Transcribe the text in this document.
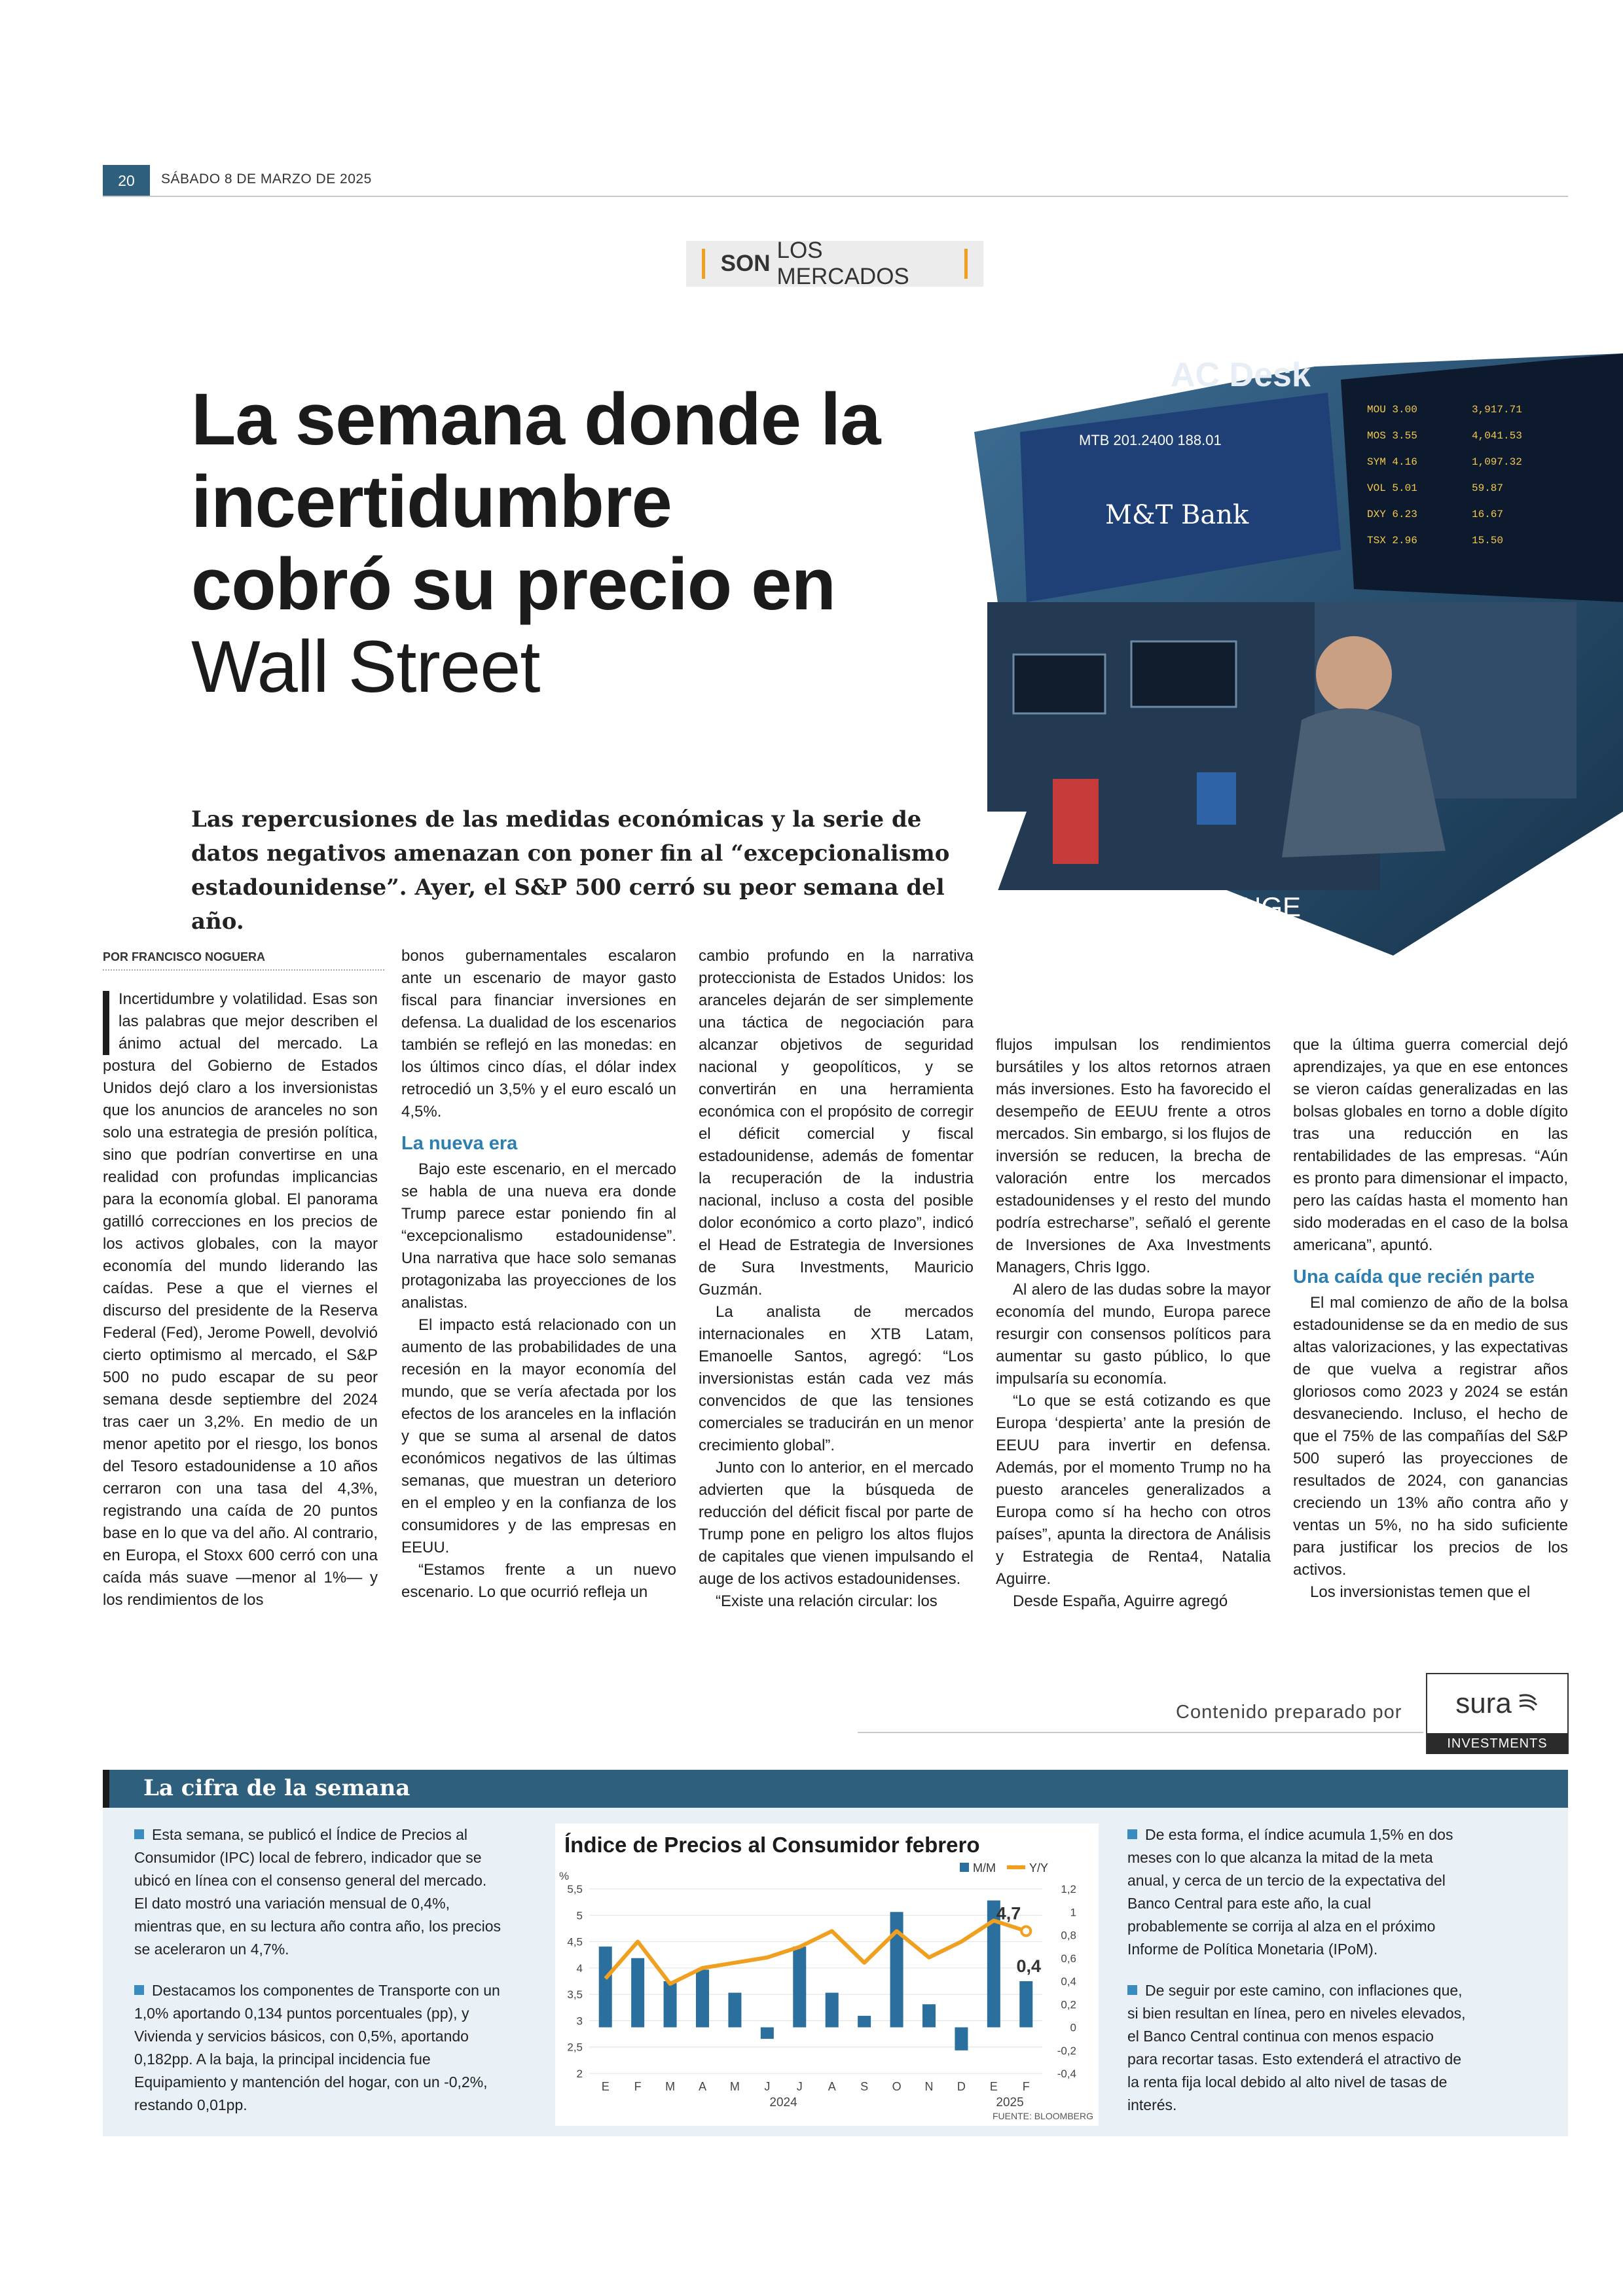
20	SÁBADO 8 DE MARZO DE 2025
SON
LOS MERCADOS
La semana donde la
incertidumbre
cobró su precio en
Wall Street
MOU 3.00	3,917.71
MOS 3.55	4,041.53
SYM 4.16	1,097.32
VOL 5.01	59.87
DXY 6.23	16.67
TSX 2.96	15.50
MTB 201.2400 188.01
M&T Bank
AC Desk
ANGE

Las repercusiones de las medidas económicas y la serie de datos negativos amenazan con poner fin al “excepcionalismo estadounidense”. Ayer, el S&P 500 cerró su peor semana del año.

POR FRANCISCO NOGUERA

Incertidumbre y volatilidad. Esas son las palabras que mejor describen el ánimo actual del mercado. La postura del Gobierno de Estados Unidos dejó claro a los inversionistas que los anuncios de aranceles no son solo una estrategia de presión política, sino que podrían convertirse en una realidad con profundas implicancias para la economía global. El panorama gatilló correcciones en los precios de los activos globales, con la mayor economía del mundo liderando las caídas. Pese a que el viernes el discurso del presidente de la Reserva Federal (Fed), Jerome Powell, devolvió cierto optimismo al mercado, el S&P 500 no pudo escapar de su peor semana desde septiembre del 2024 tras caer un 3,2%. En medio de un menor apetito por el riesgo, los bonos del Tesoro estadounidense a 10 años cerraron con una tasa del 4,3%, registrando una caída de 20 puntos base en lo que va del año. Al contrario, en Europa, el Stoxx 600 cerró con una caída más suave —menor al 1%— y los rendimientos de los

bonos gubernamentales escalaron ante un escenario de mayor gasto fiscal para financiar inversiones en defensa. La dualidad de los escenarios también se reflejó en las monedas: en los últimos cinco días, el dólar index retrocedió un 3,5% y el euro escaló un 4,5%.

La nueva era

Bajo este escenario, en el mercado se habla de una nueva era donde Trump parece estar poniendo fin al “excepcionalismo estadounidense”. Una narrativa que hace solo semanas protagonizaba las proyecciones de los analistas.

El impacto está relacionado con un aumento de las probabilidades de una recesión en la mayor economía del mundo, que se vería afectada por los efectos de los aranceles en la inflación y que se suma al arsenal de datos económicos negativos de las últimas semanas, que muestran un deterioro en el empleo y en la confianza de los consumidores y de las empresas en EEUU.

“Estamos frente a un nuevo escenario. Lo que ocurrió refleja un

cambio profundo en la narrativa proteccionista de Estados Unidos: los aranceles dejarán de ser simplemente una táctica de negociación para alcanzar objetivos de seguridad nacional y geopolíticos, y se convertirán en una herramienta económica con el propósito de corregir el déficit comercial y fiscal estadounidense, además de fomentar la recuperación de la industria nacional, incluso a costa del posible dolor económico a corto plazo”, indicó el Head de Estrategia de Inversiones de Sura Investments, Mauricio Guzmán.

La analista de mercados internacionales en XTB Latam, Emanoelle Santos, agregó: “Los inversionistas están cada vez más convencidos de que las tensiones comerciales se traducirán en un menor crecimiento global”.

Junto con lo anterior, en el mercado advierten que la búsqueda de reducción del déficit fiscal por parte de Trump pone en peligro los altos flujos de capitales que vienen impulsando el auge de los activos estadounidenses.

“Existe una relación circular: los

flujos impulsan los rendimientos bursátiles y los altos retornos atraen más inversiones. Esto ha favorecido el desempeño de EEUU frente a otros mercados. Sin embargo, si los flujos de inversión se reducen, la brecha de valoración entre los mercados estadounidenses y el resto del mundo podría estrecharse”, señaló el gerente de Inversiones de Axa Investments Managers, Chris Iggo.

Al alero de las dudas sobre la mayor economía del mundo, Europa parece resurgir con consensos políticos para aumentar su gasto público, lo que impulsaría su economía.

“Lo que se está cotizando es que Europa ‘despierta’ ante la presión de EEUU para invertir en defensa. Además, por el momento Trump no ha puesto aranceles generalizados a Europa como sí ha hecho con otros países”, apunta la directora de Análisis y Estrategia de Renta4, Natalia Aguirre.

Desde España, Aguirre agregó

que la última guerra comercial dejó aprendizajes, ya que en ese entonces se vieron caídas generalizadas en las bolsas globales en torno a doble dígito tras una reducción en las rentabilidades de las empresas. “Aún es pronto para dimensionar el impacto, pero las caídas hasta el momento han sido moderadas en el caso de la bolsa americana”, apuntó.

Una caída que recién parte

El mal comienzo de año de la bolsa estadounidense se da en medio de sus altas valorizaciones, y las expectativas de que vuelva a registrar años gloriosos como 2023 y 2024 se están desvaneciendo. Incluso, el hecho de que el 75% de las compañías del S&P 500 superó las proyecciones de resultados de 2024, con ganancias creciendo un 13% año contra año y ventas un 5%, no ha sido suficiente para justificar los precios de los activos.

Los inversionistas temen que el

Contenido preparado por sura
INVESTMENTS
La cifra de la semana

Esta semana, se publicó el Índice de Precios al Consumidor (IPC) local de febrero, indicador que se ubicó en línea con el consenso general del mercado. El dato mostró una variación mensual de 0,4%, mientras que, en su lectura año contra año, los precios se aceleraron un 4,7%.

Destacamos los componentes de Transporte con un 1,0% aportando 0,134 puntos porcentuales (pp), y Vivienda y servicios básicos, con 0,5%, aportando 0,182pp. A la baja, la principal incidencia fue Equipamiento y mantención del hogar, con un -0,2%, restando 0,01pp.

De esta forma, el índice acumula 1,5% en dos meses con lo que alcanza la mitad de la meta anual, y cerca de un tercio de la expectativa del Banco Central para este año, la cual probablemente se corrija al alza en el próximo Informe de Política Monetaria (IPoM).

De seguir por este camino, con inflaciones que, si bien resultan en línea, pero en niveles elevados, el Banco Central continua con menos espacio para recortar tasas. Esto extenderá el atractivo de la renta fija local debido al alto nivel de tasas de interés.

Índice de Precios al Consumidor febrero
2
2,5
3
3,5
4
4,5
5
5,5
%
-0,4
-0,2
0
0,2
0,4
0,6
0,8
1
1,2
4,7
0,4
E F M A M J J A S O N D E F
2024	2025
M/M	Y/Y
FUENTE: BLOOMBERG
